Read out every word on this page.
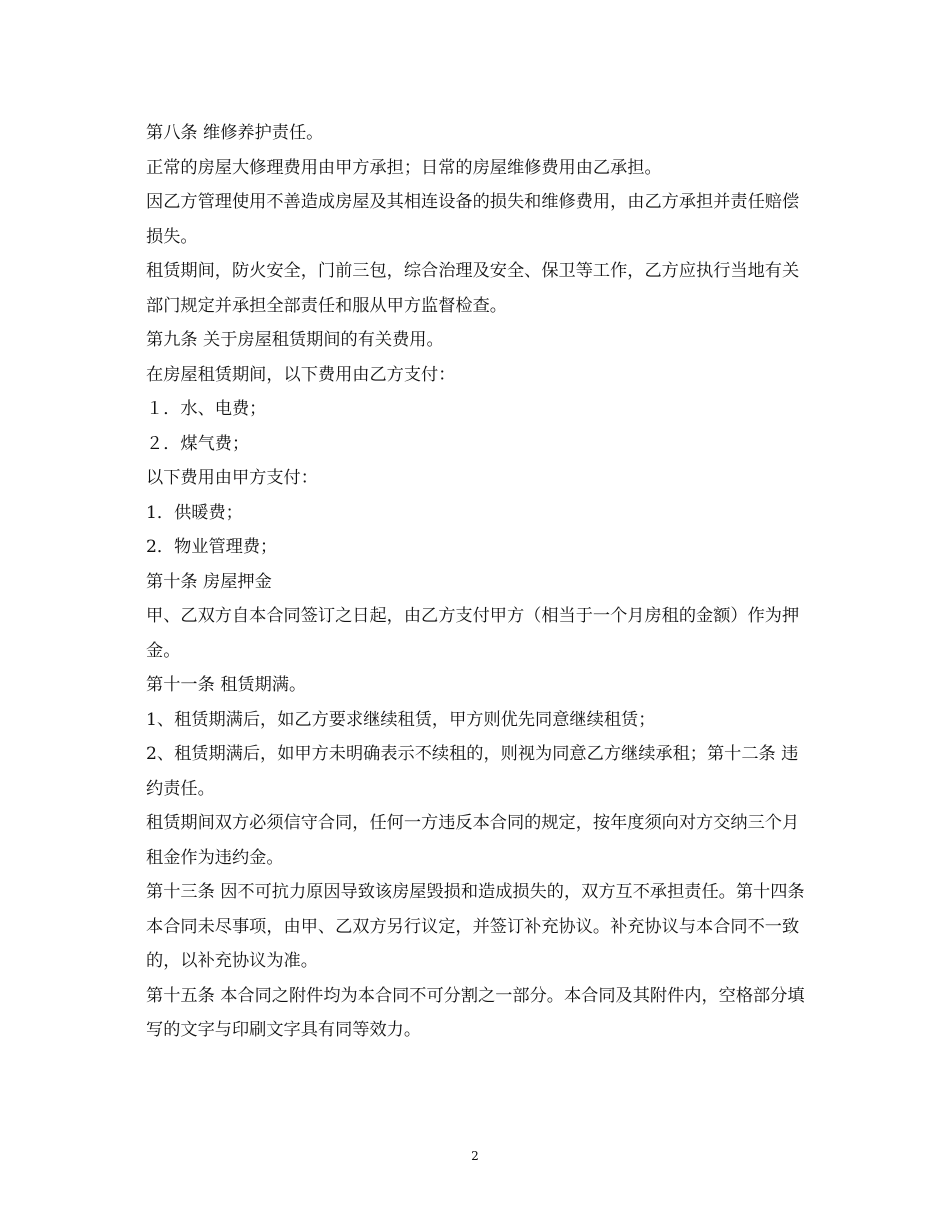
第八条 维修养护责任。

正常的房屋大修理费用由甲方承担；日常的房屋维修费用由乙承担。

因乙方管理使用不善造成房屋及其相连设备的损失和维修费用，由乙方承担并责任赔偿损失。

租赁期间，防火安全，门前三包，综合治理及安全、保卫等工作，乙方应执行当地有关部门规定并承担全部责任和服从甲方监督检查。

第九条 关于房屋租赁期间的有关费用。

在房屋租赁期间，以下费用由乙方支付：

１．水、电费；

２．煤气费；

以下费用由甲方支付：

1．供暖费；

2．物业管理费；

第十条 房屋押金

甲、乙双方自本合同签订之日起，由乙方支付甲方（相当于一个月房租的金额）作为押金。

第十一条 租赁期满。

1、租赁期满后，如乙方要求继续租赁，甲方则优先同意继续租赁；

2、租赁期满后，如甲方未明确表示不续租的，则视为同意乙方继续承租；第十二条 违约责任。

租赁期间双方必须信守合同，任何一方违反本合同的规定，按年度须向对方交纳三个月租金作为违约金。

第十三条 因不可抗力原因导致该房屋毁损和造成损失的，双方互不承担责任。第十四条 本合同未尽事项，由甲、乙双方另行议定，并签订补充协议。补充协议与本合同不一致的，以补充协议为准。

第十五条 本合同之附件均为本合同不可分割之一部分。本合同及其附件内，空格部分填写的文字与印刷文字具有同等效力。

2
